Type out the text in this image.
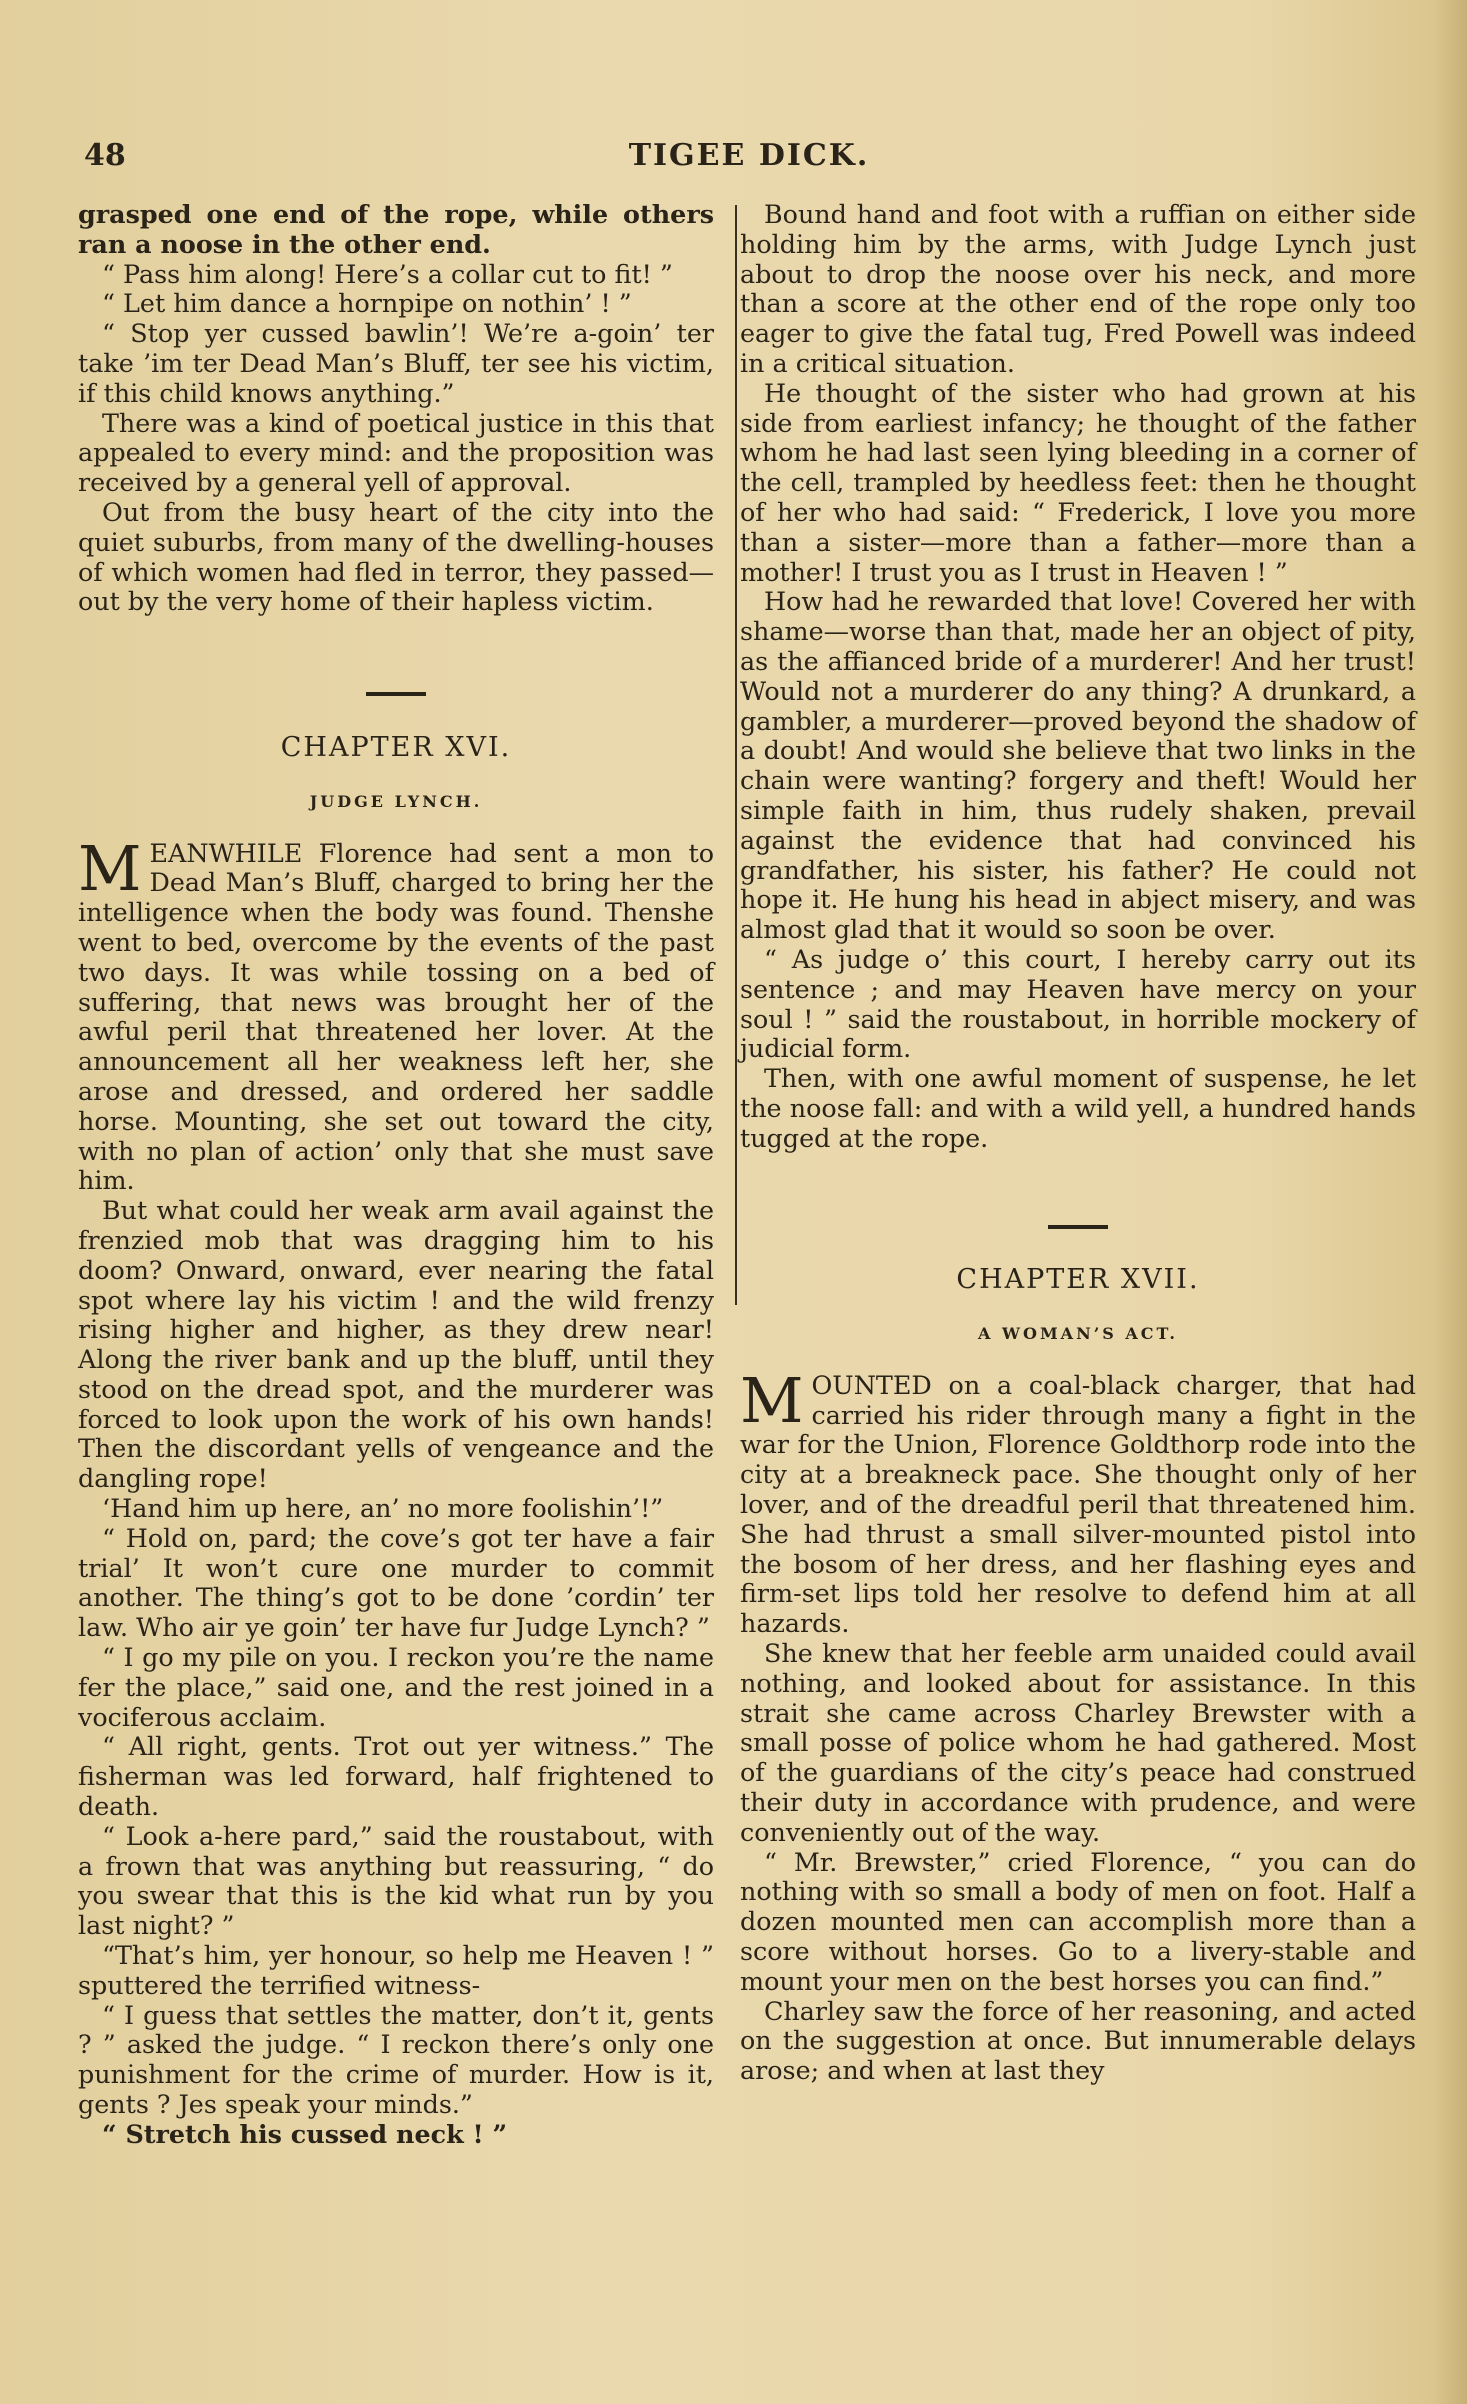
48	TIGEE DICK.

grasped one end of the rope, while others ran a noose in the other end.

“ Pass him along! Here’s a collar cut to fit! ”

“ Let him dance a hornpipe on nothin’ ! ”

“ Stop yer cussed bawlin’! We’re a-goin’ ter take ’im ter Dead Man’s Bluff, ter see his victim, if this child knows anything.”

There was a kind of poetical justice in this that appealed to every mind: and the proposition was received by a general yell of approval.

Out from the busy heart of the city into the quiet suburbs, from many of the dwelling-houses of which women had fled in terror, they passed—out by the very home of their hapless victim.

CHAPTER XVI.
JUDGE LYNCH.

MEANWHILE Florence had sent a mon to Dead Man’s Bluff, charged to bring her the intelligence when the body was found. Thenshe went to bed, overcome by the events of the past two days. It was while tossing on a bed of suffering, that news was brought her of the awful peril that threatened her lover. At the announcement all her weakness left her, she arose and dressed, and ordered her saddle horse. Mounting, she set out toward the city, with no plan of action’ only that she must save him.

But what could her weak arm avail against the frenzied mob that was dragging him to his doom? Onward, onward, ever nearing the fatal spot where lay his victim ! and the wild frenzy rising higher and higher, as they drew near! Along the river bank and up the bluff, until they stood on the dread spot, and the murderer was forced to look upon the work of his own hands! Then the discordant yells of vengeance and the dangling rope!

‘Hand him up here, an’ no more foolishin’!”

“ Hold on, pard; the cove’s got ter have a fair trial’ It won’t cure one murder to commit another. The thing’s got to be done ’cordin’ ter law. Who air ye goin’ ter have fur Judge Lynch? ”

“ I go my pile on you. I reckon you’re the name fer the place,” said one, and the rest joined in a vociferous acclaim.

“ All right, gents. Trot out yer witness.” The fisherman was led forward, half frightened to death.

“ Look a-here pard,” said the roustabout, with a frown that was anything but reassuring, “ do you swear that this is the kid what run by you last night? ”

“That’s him, yer honour, so help me Heaven ! ” sputtered the terrified witness-

“ I guess that settles the matter, don’t it, gents ? ” asked the judge. “ I reckon there’s only one punishment for the crime of murder. How is it, gents ? Jes speak your minds.”

“ Stretch his cussed neck ! ”

Bound hand and foot with a ruffian on either side holding him by the arms, with Judge Lynch just about to drop the noose over his neck, and more than a score at the other end of the rope only too eager to give the fatal tug, Fred Powell was indeed in a critical situation.

He thought of the sister who had grown at his side from earliest infancy; he thought of the father whom he had last seen lying bleeding in a corner of the cell, trampled by heedless feet: then he thought of her who had said: “ Frederick, I love you more than a sister—more than a father—more than a mother! I trust you as I trust in Heaven ! ”

How had he rewarded that love! Covered her with shame—worse than that, made her an object of pity, as the affianced bride of a murderer! And her trust! Would not a murderer do any thing? A drunkard, a gambler, a murderer—proved beyond the shadow of a doubt! And would she believe that two links in the chain were wanting? forgery and theft! Would her simple faith in him, thus rudely shaken, prevail against the evidence that had convinced his grandfather, his sister, his father? He could not hope it. He hung his head in abject misery, and was almost glad that it would so soon be over.

“ As judge o’ this court, I hereby carry out its sentence ; and may Heaven have mercy on your soul ! ” said the roustabout, in horrible mockery of judicial form.

Then, with one awful moment of suspense, he let the noose fall: and with a wild yell, a hundred hands tugged at the rope.

CHAPTER XVII.
A WOMAN’S ACT.

MOUNTED on a coal-black charger, that had carried his rider through many a fight in the war for the Union, Florence Goldthorp rode into the city at a breakneck pace. She thought only of her lover, and of the dreadful peril that threatened him. She had thrust a small silver-mounted pistol into the bosom of her dress, and her flashing eyes and firm-set lips told her resolve to defend him at all hazards.

She knew that her feeble arm unaided could avail nothing, and looked about for assistance. In this strait she came across Charley Brewster with a small posse of police whom he had gathered. Most of the guardians of the city’s peace had construed their duty in accordance with prudence, and were conveniently out of the way.

“ Mr. Brewster,” cried Florence, “ you can do nothing with so small a body of men on foot. Half a dozen mounted men can accomplish more than a score without horses. Go to a livery-stable and mount your men on the best horses you can find.”

Charley saw the force of her reasoning, and acted on the suggestion at once. But innumerable delays arose; and when at last they
